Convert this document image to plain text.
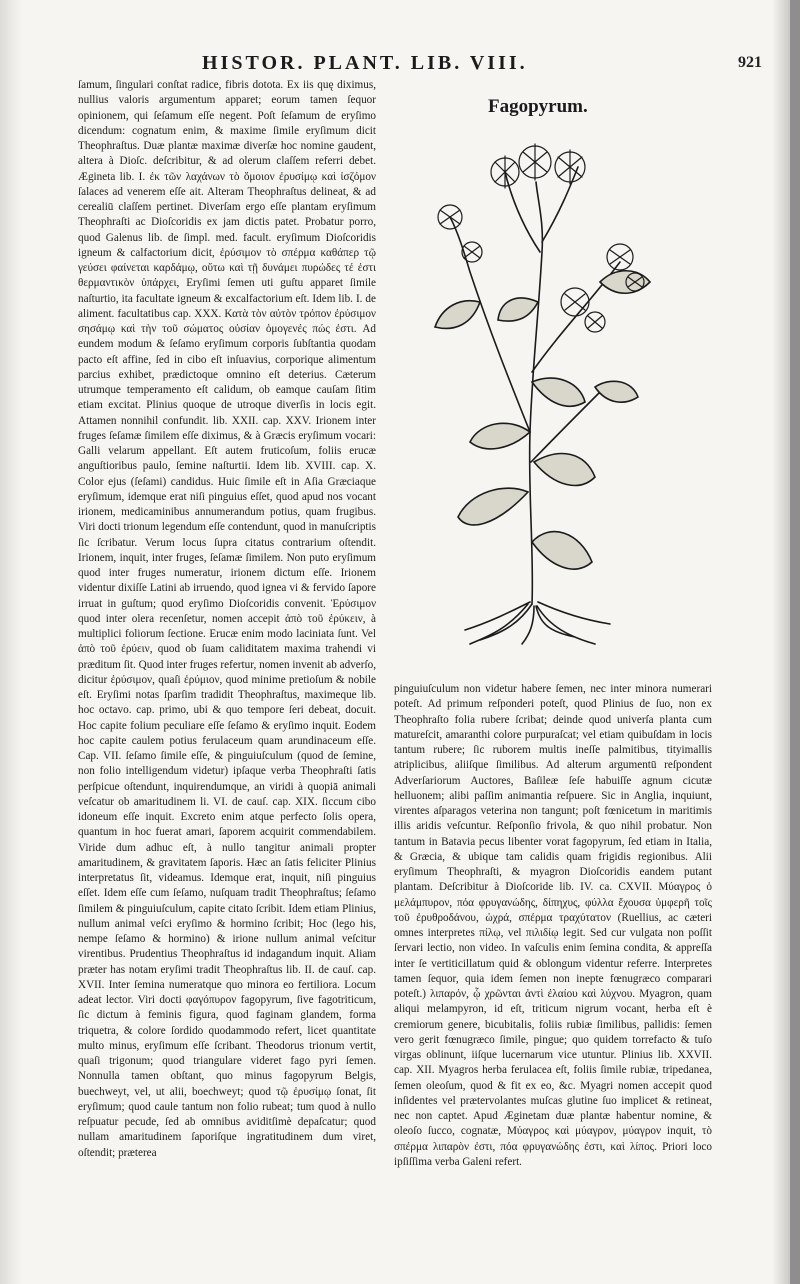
HISTOR. PLANT. LIB. VIII.	921

ſamum, ſingulari conſtat radice, fibris dotota. Ex iis quę diximus, nullius valoris argumentum apparet; eorum tamen ſequor opinionem, qui ſeſamum eſſe negent. Poſt ſeſamum de eryſimo dicendum: cognatum enim, & maxime ſimile eryſimum dicit Theophraſtus. Duæ plantæ maximæ diverſæ hoc nomine gaudent, altera à Dioſc. deſcribitur, & ad olerum claſſem referri debet. Ægineta lib. I. ἐκ τῶν λαχάνων τὸ ὅμοιον ἐρυσίμῳ καὶ ἰσζόμον ſalaces ad venerem eſſe ait. Alteram Theophraſtus delineat, & ad cerealiū claſſem pertinet. Diverſam ergo eſſe plantam eryſimum Theophraſti ac Dioſcoridis ex jam dictis patet. Probatur porro, quod Galenus lib. de ſimpl. med. facult. eryſimum Dioſcoridis igneum & calfactorium dicit, ἐρύσιμον τὸ σπέρμα καθάπερ τῷ γεύσει φαίνεται καρδάμῳ, οὕτω καὶ τῇ δυνάμει πυρώδες τέ ἐστι θερμαντικὸν ὑπάρχει, Eryſimi ſemen uti guſtu apparet ſimile naſturtio, ita facultate igneum & excalfactorium eſt. Idem lib. I. de aliment. facultatibus cap. XXX. Κατὰ τὸν αὐτὸν τρόπον ἐρύσιμον σησάμῳ καὶ τὴν τοῦ σώματος οὐσίαν ὁμογενές πώς ἐστι. Ad eundem modum & ſeſamo eryſimum corporis ſubſtantia quodam pacto eſt affine, ſed in cibo eſt inſuavius, corporique alimentum parcius exhibet, prædictoque omnino eſt deterius. Cæterum utrumque temperamento eſt calidum, ob eamque cauſam ſitim etiam excitat. Plinius quoque de utroque diverſis in locis egit. Attamen nonnihil confundit. lib. XXII. cap. XXV. Irionem inter fruges ſeſamæ ſimilem eſſe diximus, & à Græcis eryſimum vocari: Galli velarum appellant. Eſt autem fruticoſum, foliis erucæ anguſtioribus paulo, ſemine naſturtii. Idem lib. XVIII. cap. X. Color ejus (ſeſami) candidus. Huic ſimile eſt in Aſia Græciaque eryſimum, idemque erat niſi pinguius eſſet, quod apud nos vocant irionem, medicaminibus annumerandum potius, quam frugibus. Viri docti trionum legendum eſſe contendunt, quod in manuſcriptis ſic ſcribatur. Verum locus ſupra citatus contrarium oſtendit. Irionem, inquit, inter fruges, ſeſamæ ſimilem. Non puto eryſimum quod inter fruges numeratur, irionem dictum eſſe. Irionem videntur dixiſſe Latini ab irruendo, quod ignea vi & fervido ſapore irruat in guſtum; quod eryſimo Dioſcoridis convenit. Ἐρύσιμον quod inter olera recenſetur, nomen accepit ἀπὸ τοῦ ἐρύκειν, à multiplici foliorum ſectione. Erucæ enim modo laciniata ſunt. Vel ἀπὸ τοῦ ἐρύειν, quod ob ſuam caliditatem maxima trahendi vi præditum ſit. Quod inter fruges refertur, nomen invenit ab adverſo, dicitur ἐρύσιμον, quaſi ἐρύμιον, quod minime pretioſum & nobile eſt. Eryſimi notas ſparſim tradidit Theophraſtus, maximeque lib. hoc octavo. cap. primo, ubi & quo tempore ſeri debeat, docuit. Hoc capite folium peculiare eſſe ſeſamo & eryſimo inquit. Eodem hoc capite caulem potius ferulaceum quam arundinaceum eſſe. Cap. VII. ſeſamo ſimile eſſe, & pinguiuſculum (quod de ſemine, non folio intelligendum videtur) ipſaque verba Theophraſti ſatis perſpicue oſtendunt, inquirendumque, an viridi à quopiā animali veſcatur ob amaritudinem li. VI. de cauſ. cap. XIX. ſiccum cibo idoneum eſſe inquit. Excreto enim atque perfecto ſolis opera, quantum in hoc fuerat amari, ſaporem acquirit commendabilem. Viride dum adhuc eſt, à nullo tangitur animali propter amaritudinem, & gravitatem ſaporis. Hæc an ſatis feliciter Plinius interpretatus ſit, videamus. Idemque erat, inquit, niſi pinguius eſſet. Idem eſſe cum ſeſamo, nuſquam tradit Theophraſtus; ſeſamo ſimilem & pinguiuſculum, capite citato ſcribit. Idem etiam Plinius, nullum animal veſci eryſimo & hormino ſcribit; Hoc (lego his, nempe ſeſamo & hormino) & irione nullum animal veſcitur virentibus. Prudentius Theophraſtus id indagandum inquit. Aliam præter has notam eryſimi tradit Theophraſtus lib. II. de cauſ. cap. XVII. Inter ſemina numeratque quo minora eo fertiliora. Locum adeat lector. Viri docti φαγόπυρον fagopyrum, ſive fagotriticum, ſic dictum à feminis figura, quod faginam glandem, forma triquetra, & colore ſordido quodammodo refert, licet quantitate multo minus, eryſimum eſſe ſcribant. Theodorus trionum vertit, quaſi trigonum; quod triangulare videret fago pyri ſemen. Nonnulla tamen obſtant, quo minus fagopyrum Belgis, buechweyt, vel, ut alii, boechweyt; quod τῷ ἐρυσίμῳ ſonat, ſit eryſimum; quod caule tantum non folio rubeat; tum quod à nullo reſpuatur pecude, ſed ab omnibus aviditſimè depaſcatur; quod nullam amaritudinem ſaporiſque ingratitudinem dum viret, oſtendit; præterea

Fagopyrum.

pinguiuſculum non videtur habere ſemen, nec inter minora numerari poteſt. Ad primum reſponderi poteſt, quod Plinius de ſuo, non ex Theophraſto folia rubere ſcribat; deinde quod univerſa planta cum matureſcit, amaranthi colore purpuraſcat; vel etiam quibuſdam in locis tantum rubere; ſic ruborem multis ineſſe palmitibus, tityimallis atriplicibus, aliiſque ſimilibus. Ad alterum argumentū reſpondent Adverſariorum Auctores, Baſileæ ſeſe habuiſſe agnum cicutæ helluonem; alibi paſſim animantia reſpuere. Sic in Anglia, inquiunt, virentes aſparagos veterina non tangunt; poſt fœnicetum in maritimis illis aridis veſcuntur. Reſponſio frivola, & quo nihil probatur. Non tantum in Batavia pecus libenter vorat fagopyrum, ſed etiam in Italia, & Græcia, & ubique tam calidis quam frigidis regionibus. Alii eryſimum Theophraſti, & myagron Dioſcoridis eandem putant plantam. Deſcribitur à Dioſcoride lib. IV. ca. CXVII. Μύαγρος ὁ μελάμπυρον, πόα φρυγανώδης, δίπηχυς, φύλλα ἔχουσα ὑμφερῆ τοῖς τοῦ ἐρυθροδάνου, ὠχρά, σπέρμα τραχύτατον (Ruellius, ac cæteri omnes interpretes πίλῳ, vel πιλιδίῳ legit. Sed cur vulgata non poſſit ſervari lectio, non video. In vaſculis enim ſemina condita, & appreſſa inter ſe vertiticillatum quid & oblongum videntur referre. Interpretes tamen ſequor, quia idem ſemen non inepte fœnugræco comparari poteſt.) λιπαρόν, ᾧ χρῶνται ἀντὶ ἐλαίου καὶ λύχνου. Myagron, quam aliqui melampyron, id eſt, triticum nigrum vocant, herba eſt è cremiorum genere, bicubitalis, foliis rubiæ ſimilibus, pallidis: ſemen vero gerit fœnugræco ſimile, pingue; quo quidem torrefacto & tuſo virgas oblinunt, iiſque lucernarum vice utuntur. Plinius lib. XXVII. cap. XII. Myagros herba ferulacea eſt, foliis ſimile rubiæ, tripedanea, ſemen oleoſum, quod & fit ex eo, &c. Myagri nomen accepit quod inſidentes vel prætervolantes muſcas glutine ſuo implicet & retineat, nec non captet. Apud Æginetam duæ plantæ habentur nomine, & oleoſo ſucco, cognatæ, Μύαγρος καὶ μύαγρον, μύαγρον inquit, τὸ σπέρμα λιπαρὸν ἐστι, πόα φρυγανώδης ἐστι, καὶ λίπος. Priori loco ipſiſſima verba Galeni refert.
